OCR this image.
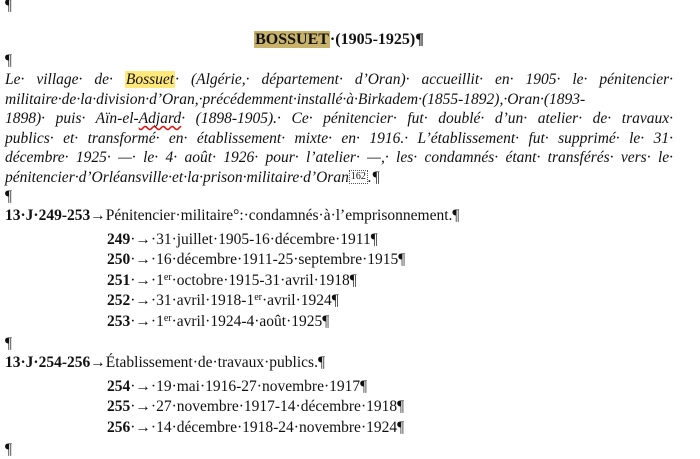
¶
BOSSUET·(1905-1925)¶
¶
Le· village· de· Bossuet· (Algérie,· département· d’Oran)· accueillit· en· 1905· le· pénitencier·
militaire·de·la·division·d’Oran,·précédemment·installé·à·Birkadem·(1855-1892),·Oran·(1893-
1898)· puis· Aïn-el-Adjard· (1898-1905).· Ce· pénitencier· fut· doublé· d’un· atelier· de· travaux·
publics· et· transformé· en· établissement· mixte· en· 1916.· L’établissement· fut· supprimé· le· 31·
décembre· 1925· —· le· 4· août· 1926· pour· l’atelier· —,· les· condamnés· étant· transférés· vers· le·
pénitencier·d’Orléansville·et·la·prison·militaire·d’Oran 162 .¶
¶
13·J·249-253→Pénitencier·militaire°:·condamnés·à·l’emprisonnement.¶
249·→·31·juillet·1905-16·décembre·1911¶
250·→·16·décembre·1911-25·septembre·1915¶
251·→·1er·octobre·1915-31·avril·1918¶
252·→·31·avril·1918-1er·avril·1924¶
253·→·1er·avril·1924-4·août·1925¶
¶
13·J·254-256→Établissement·de·travaux·publics.¶
254·→·19·mai·1916-27·novembre·1917¶
255·→·27·novembre·1917-14·décembre·1918¶
256·→·14·décembre·1918-24·novembre·1924¶
¶
